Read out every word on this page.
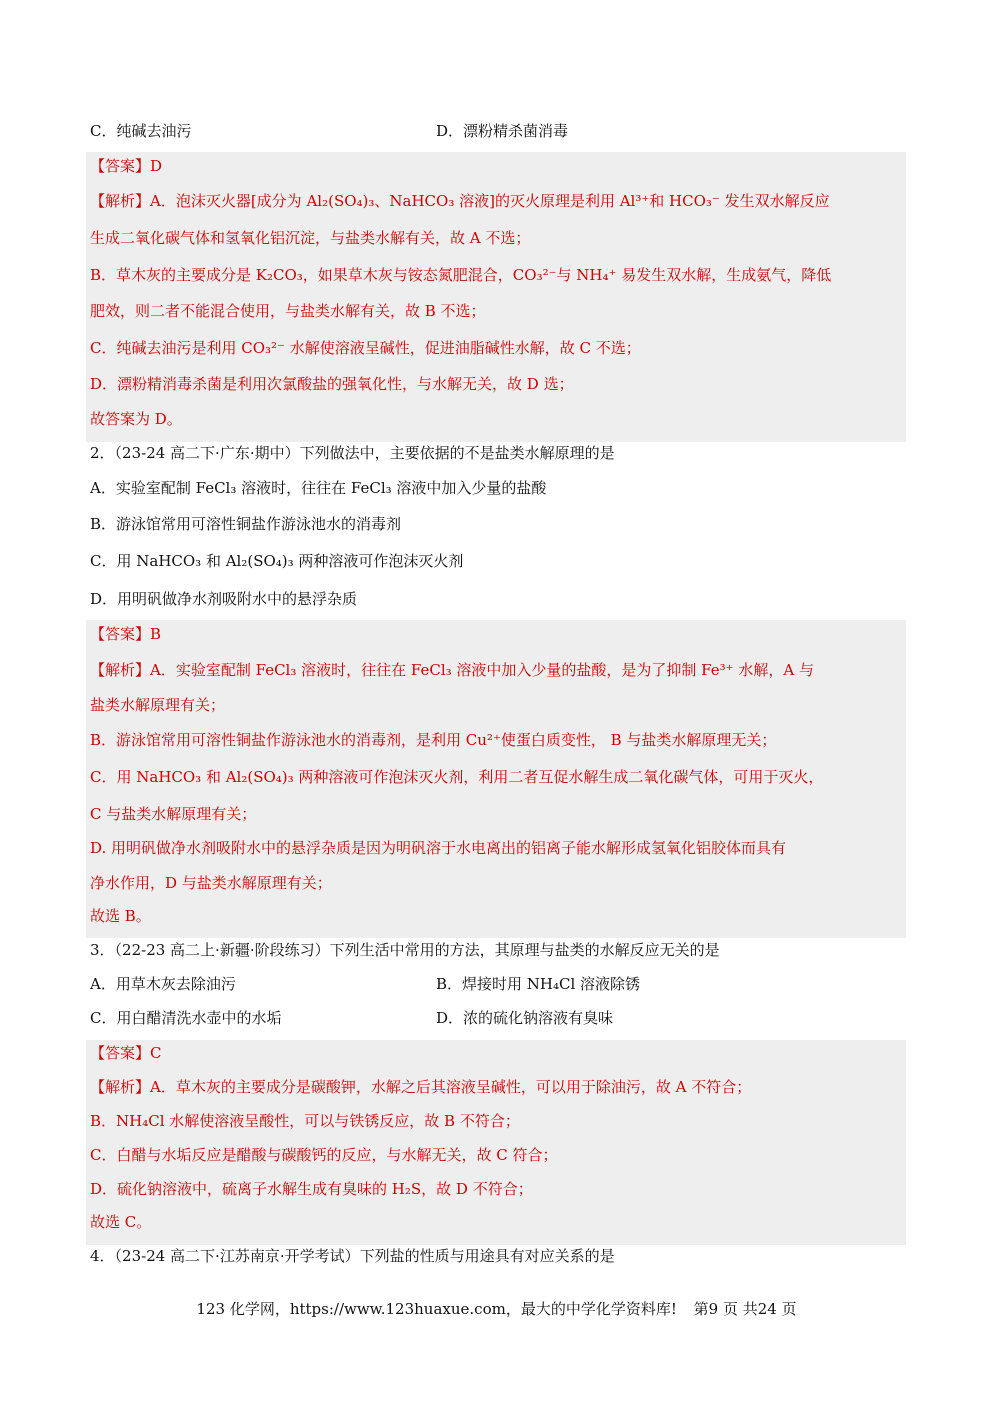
C．纯碱去油污	D．漂粉精杀菌消毒
【答案】D
【解析】A．泡沫灭火器[成分为 Al₂(SO₄)₃、NaHCO₃ 溶液]的灭火原理是利用 Al³⁺和 HCO₃⁻ 发生双水解反应
生成二氧化碳气体和氢氧化铝沉淀，与盐类水解有关，故 A 不选；
B．草木灰的主要成分是 K₂CO₃，如果草木灰与铵态氮肥混合，CO₃²⁻与 NH₄⁺ 易发生双水解，生成氨气，降低
肥效，则二者不能混合使用，与盐类水解有关，故 B 不选；
C．纯碱去油污是利用 CO₃²⁻ 水解使溶液呈碱性，促进油脂碱性水解，故 C 不选；
D．漂粉精消毒杀菌是利用次氯酸盐的强氧化性，与水解无关，故 D 选；
故答案为 D。
2．（23-24 高二下·广东·期中）下列做法中，主要依据的不是盐类水解原理的是
A．实验室配制 FeCl₃ 溶液时，往往在 FeCl₃ 溶液中加入少量的盐酸
B．游泳馆常用可溶性铜盐作游泳池水的消毒剂
C．用 NaHCO₃ 和 Al₂(SO₄)₃ 两种溶液可作泡沫灭火剂
D．用明矾做净水剂吸附水中的悬浮杂质
【答案】B
【解析】A．实验室配制 FeCl₃ 溶液时，往往在 FeCl₃ 溶液中加入少量的盐酸，是为了抑制 Fe³⁺ 水解，A 与
盐类水解原理有关；
B．游泳馆常用可溶性铜盐作游泳池水的消毒剂，是利用 Cu²⁺使蛋白质变性， B 与盐类水解原理无关；
C．用 NaHCO₃ 和 Al₂(SO₄)₃ 两种溶液可作泡沫灭火剂，利用二者互促水解生成二氧化碳气体，可用于灭火，
C 与盐类水解原理有关；
D. 用明矾做净水剂吸附水中的悬浮杂质是因为明矾溶于水电离出的铝离子能水解形成氢氧化铝胶体而具有
净水作用，D 与盐类水解原理有关；
故选 B。
3．（22-23 高二上·新疆·阶段练习）下列生活中常用的方法，其原理与盐类的水解反应无关的是
A．用草木灰去除油污	B．焊接时用 NH₄Cl 溶液除锈
C．用白醋清洗水壶中的水垢	D．浓的硫化钠溶液有臭味
【答案】C
【解析】A．草木灰的主要成分是碳酸钾，水解之后其溶液呈碱性，可以用于除油污，故 A 不符合；
B．NH₄Cl 水解使溶液呈酸性，可以与铁锈反应，故 B 不符合；
C．白醋与水垢反应是醋酸与碳酸钙的反应，与水解无关，故 C 符合；
D．硫化钠溶液中，硫离子水解生成有臭味的 H₂S，故 D 不符合；
故选 C。
4．（23-24 高二下·江苏南京·开学考试）下列盐的性质与用途具有对应关系的是
123 化学网，https://www.123huaxue.com，最大的中学化学资料库! 第9 页 共24 页
